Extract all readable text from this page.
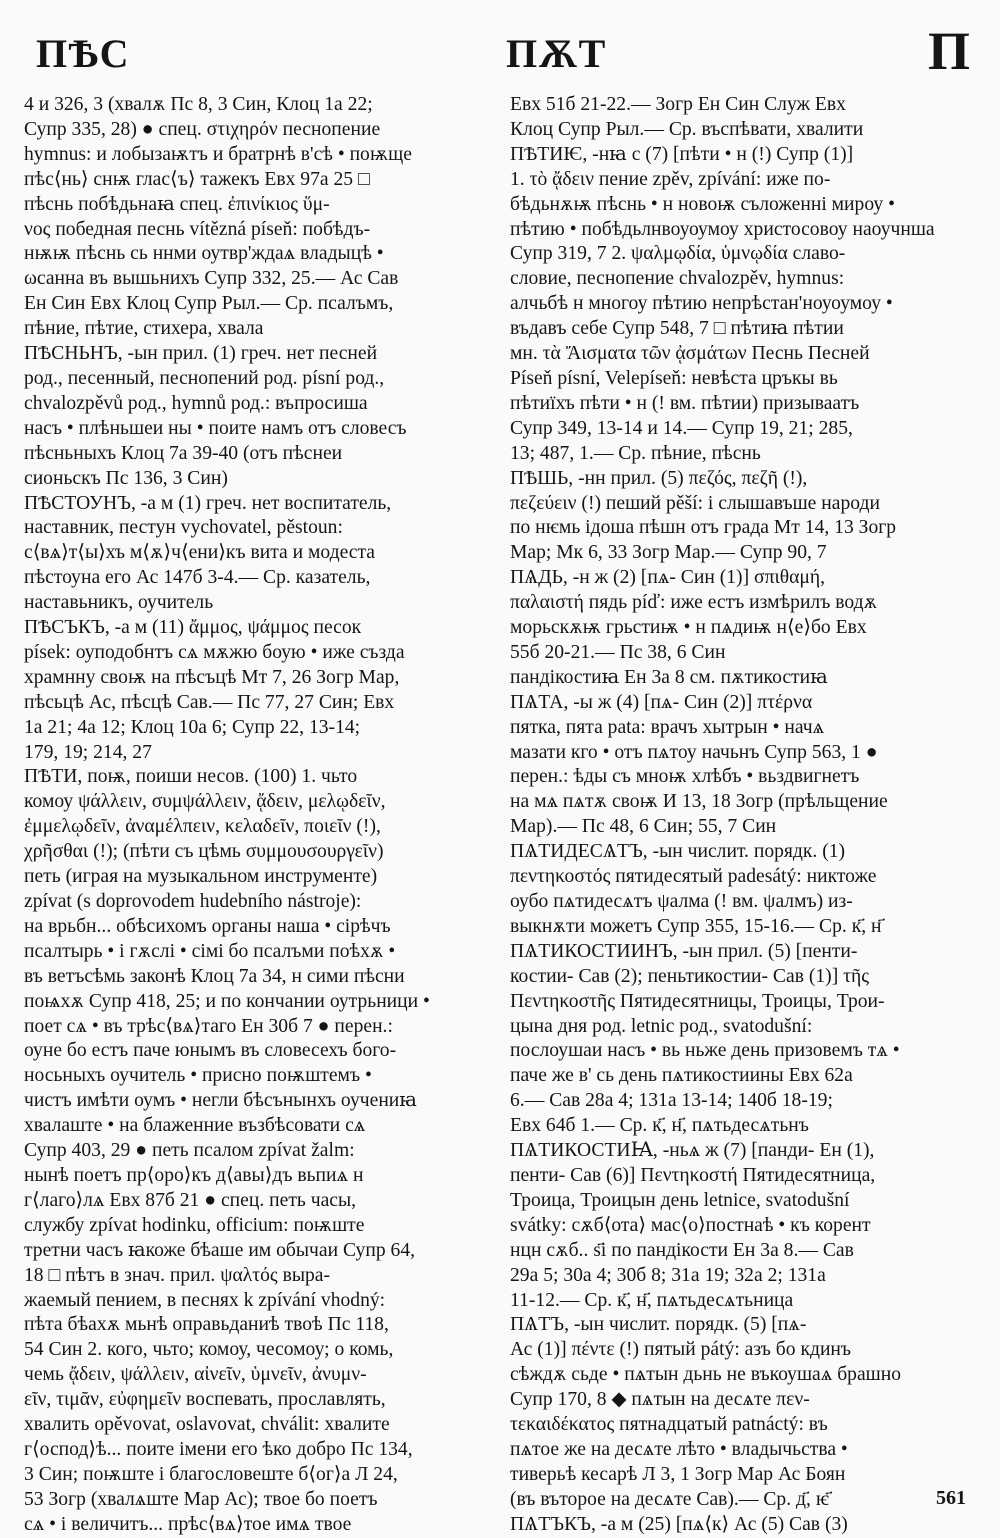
ПѢС	ПѪТ	П
4 и 326, 3 (хвалѫ Пс 8, 3 Син, Клоц 1а 22;
Супр 335, 28) ● спец. στιχηρόν песнопение
hymnus: и лобызаѭтъ и братрнѣ в'сѣ • поѭще
пѣс⟨нь⟩ снѭ глас⟨ъ⟩ тажекъ Евх 97а 25 □
пѣснь побѣдьнаꙗ спец. ἐπινίκιος ὕμ-
νος победная песнь vítězná píseň: побѣдъ-
нѭѭ пѣснь сь ннми оутвр'ждаѧ владыцѣ •
ωсанна въ вышьнихъ Супр 332, 25.— Ас Сав
Ен Син Евх Клоц Супр Рыл.— Ср. псалъмъ,
пѣние, пѣтие, стихера, хвала
ПѢСНЬНЪ, -ын прил. (1) греч. нет песней
род., песенный, песнопений род. písní род.,
chvalozpěvů род., hymnů род.: въпросиша
насъ • плѣньшеи ны • поите намъ отъ словесъ
пѣсньныхъ Клоц 7а 39-40 (отъ пѣснеи
сионьскъ Пс 136, 3 Син)
ПѢСТОУНЪ, -а м (1) греч. нет воспитатель,
наставник, пестун vychovatel, pěstoun:
с⟨вѧ⟩т⟨ы⟩хъ м⟨ѫ⟩ч⟨ени⟩къ вита и модеста
пѣстоуна его Ас 147б 3-4.— Ср. казатель,
наставьникъ, оучитель
ПѢСЪКЪ, -а м (11) ἄμμος, ψάμμος песок
písek: оуподобнтъ сѧ мѫжю боую • иже създа
храмнну своѭ на пѣсъцѣ Мт 7, 26 Зогр Мар,
пѣсьцѣ Ас, пѣсцѣ Сав.— Пс 77, 27 Син; Евх
1а 21; 4а 12; Клоц 10а 6; Супр 22, 13-14;
179, 19; 214, 27
ПѢТИ, поѭ, поиши несов. (100) 1. чьто
комоу ψάλλειν, συμψάλλειν, ᾄδειν, μελῳδεῖν,
ἐμμελῳδεῖν, ἀναμέλπειν, κελαδεῖν, ποιεῖν (!),
χρῆσθαι (!); (пѣти съ цѣмь συμμουσουργεῖν)
петь (играя на музыкальном инструменте)
zpívat (s doprovodem hudebního nástroje):
на врьбн... обѣсихомъ органы наша • сірѣчъ
псалтырь • і гѫслі • сімі бо псалъми поѣхѫ •
въ ветъсѣмь законѣ Клоц 7а 34, н сими пѣсни
поѩхѫ Супр 418, 25; и по кончании оутрьници •
поет сѧ • въ трѣс⟨вѧ⟩таго Ен 30б 7 ● перен.:
оуне бо естъ паче юнымъ въ словесехъ бого-
носьныхъ оучитель • присно поѭштемъ •
чистъ имѣти оумъ • негли бѣсънынхъ оучениꙗ
хвалаште • на блаженние възбѣсовати сѧ
Супр 403, 29 ● петь псалом zpívat žalm:
нынѣ поетъ пр⟨оро⟩къ д⟨авы⟩дъ вьпиѧ н
г⟨лаго⟩лѧ Евх 87б 21 ● спец. петь часы,
службу zpívat hodinku, officium: поѭште
третни часъ ꙗкоже бѣаше им обычаи Супр 64,
18 □ пѣтъ в знач. прил. ψαλτός выра-
жаемый пением, в песнях k zpívání vhodný:
пѣта бѣахѫ мьнѣ оправьданиѣ твоѣ Пс 118,
54 Син 2. кого, чьто; комоу, чесомоу; о комь,
чемь ᾄδειν, ψάλλειν, αἰνεῖν, ὑμνεῖν, ἀνυμν-
εῖν, τιμᾶν, εὐφημεῖν воспевать, прославлять,
хвалить opěvovat, oslavovat, chválit: хвалите
г⟨оспод⟩ѣ... поите імени его ѣко добро Пс 134,
3 Син; поѭште і благословеште б⟨ог⟩а Л 24,
53 Зогр (хвалѧште Мар Ас); твое бо поетъ
сѧ • і величитъ... прѣс⟨вѧ⟩тое имѧ твое
Евх 51б 21-22.— Зогр Ен Син Служ Евх
Клоц Супр Рыл.— Ср. въспѣвати, хвалити
ПѢТИѤ, -нꙗ с (7) [пѣти • н (!) Супр (1)]
1. τὸ ᾄδειν пение zpěv, zpívání: иже по-
бѣдьнѫѭ пѣснь • н новоѭ съложенні мироу •
пѣтию • побѣдьлнвоуоумоу христосовоу наоучнша
Супр 319, 7 2. ψαλμῳδία, ὑμνῳδία славо-
словие, песнопение chvalozpěv, hymnus:
алчьбѣ н многоу пѣтию непрѣстан'ноуоумоу •
въдавъ себе Супр 548, 7 □ пѣтиꙗ пѣтии
мн. τὰ Ἄισματα τῶν ᾀσμάτων Песнь Песней
Píseň písní, Velepíseň: невѣста цръкы вь
пѣтиїхъ пѣти • н (! вм. пѣтии) призываатъ
Супр 349, 13-14 и 14.— Супр 19, 21; 285,
13; 487, 1.— Ср. пѣние, пѣснь
ПѢШЬ, -нн прил. (5) πεζός, πεζῆ (!),
πεζεύειν (!) пеший pěší: і слышавъше народи
по нѥмь ідоша пѣшн отъ града Мт 14, 13 Зогр
Мар; Мк 6, 33 Зогр Мар.— Супр 90, 7
ПѦДЬ, -н ж (2) [пѧ- Син (1)] σπιθαμή,
παλαιστή пядь píď: иже естъ измѣрилъ водѫ
морьскѫѭ грьстиѭ • н пѧдиѭ н⟨е⟩бо Евх
55б 20-21.— Пс 38, 6 Син
пандікостиꙗ Ен 3а 8 см. пѫтикостиꙗ
ПѦТА, -ы ж (4) [пѧ- Син (2)] πτέρνα
пятка, пята pata: врачъ хытрын • начѧ
мазати кго • отъ пѧтоу начьнъ Супр 563, 1 ●
перен.: ѣды съ мноѭ хлѣбъ • вьздвигнетъ
на мѧ пѧтѫ своѭ И 13, 18 Зогр (прѣльщение
Мар).— Пс 48, 6 Син; 55, 7 Син
ПѦТИДЕСѦТЪ, -ын числит. порядк. (1)
πεντηκοστός пятидесятый padesátý: никтоже
оубо пѧтидесѧтъ ψалма (! вм. ψалмъ) из-
выкнѫти можетъ Супр 355, 15-16.— Ср. к҃, н҃
ПѦТИКОСТИИНЪ, -ын прил. (5) [пенти-
костии- Сав (2); пеньтикостии- Сав (1)] τῆς
Πεντηκοστῆς Пятидесятницы, Троицы, Трои-
цына дня род. letnic род., svatodušní:
послоушаи насъ • вь ньже день призовемъ тѧ •
паче же в' сь день пѧтикостиины Евх 62а
6.— Сав 28а 4; 131а 13-14; 140б 18-19;
Евх 64б 1.— Ср. к҃, н҃, пѧтьдесѧтьнъ
ПѦТИКОСТИꙖ, -ньѧ ж (7) [панди- Ен (1),
пенти- Сав (6)] Πεντηκοστή Пятидесятница,
Троица, Троицын день letnice, svatodušní
svátky: сѫб⟨ота⟩ мас⟨о⟩постнаѣ • къ корент
нцн сѫб.. ѕ҃і по пандікости Ен 3а 8.— Сав
29а 5; 30а 4; 30б 8; 31а 19; 32а 2; 131а
11-12.— Ср. к҃, н҃, пѧтьдесѧтьница
ПѦТЪ, -ын числит. порядк. (5) [пѧ-
Ас (1)] πέντε (!) пятый pátý: азъ бо кдинъ
сѣждѫ сьде • пѧтын дьнь не въкоушаѧ брашно
Супр 170, 8 ◆ пѧтын на десѧте πεν-
τεκαιδέκατος пятнадцатый patnáctý: въ
пѧтое же на десѧте лѣто • владычьства •
тиверьѣ кесарѣ Л 3, 1 Зогр Мар Ас Боян
(въ въторое на десѧте Сав).— Ср. д҃, ѥ҃
ПѦТЪКЪ, -а м (25) [пѧ⟨к⟩ Ас (5) Сав (3)
561
